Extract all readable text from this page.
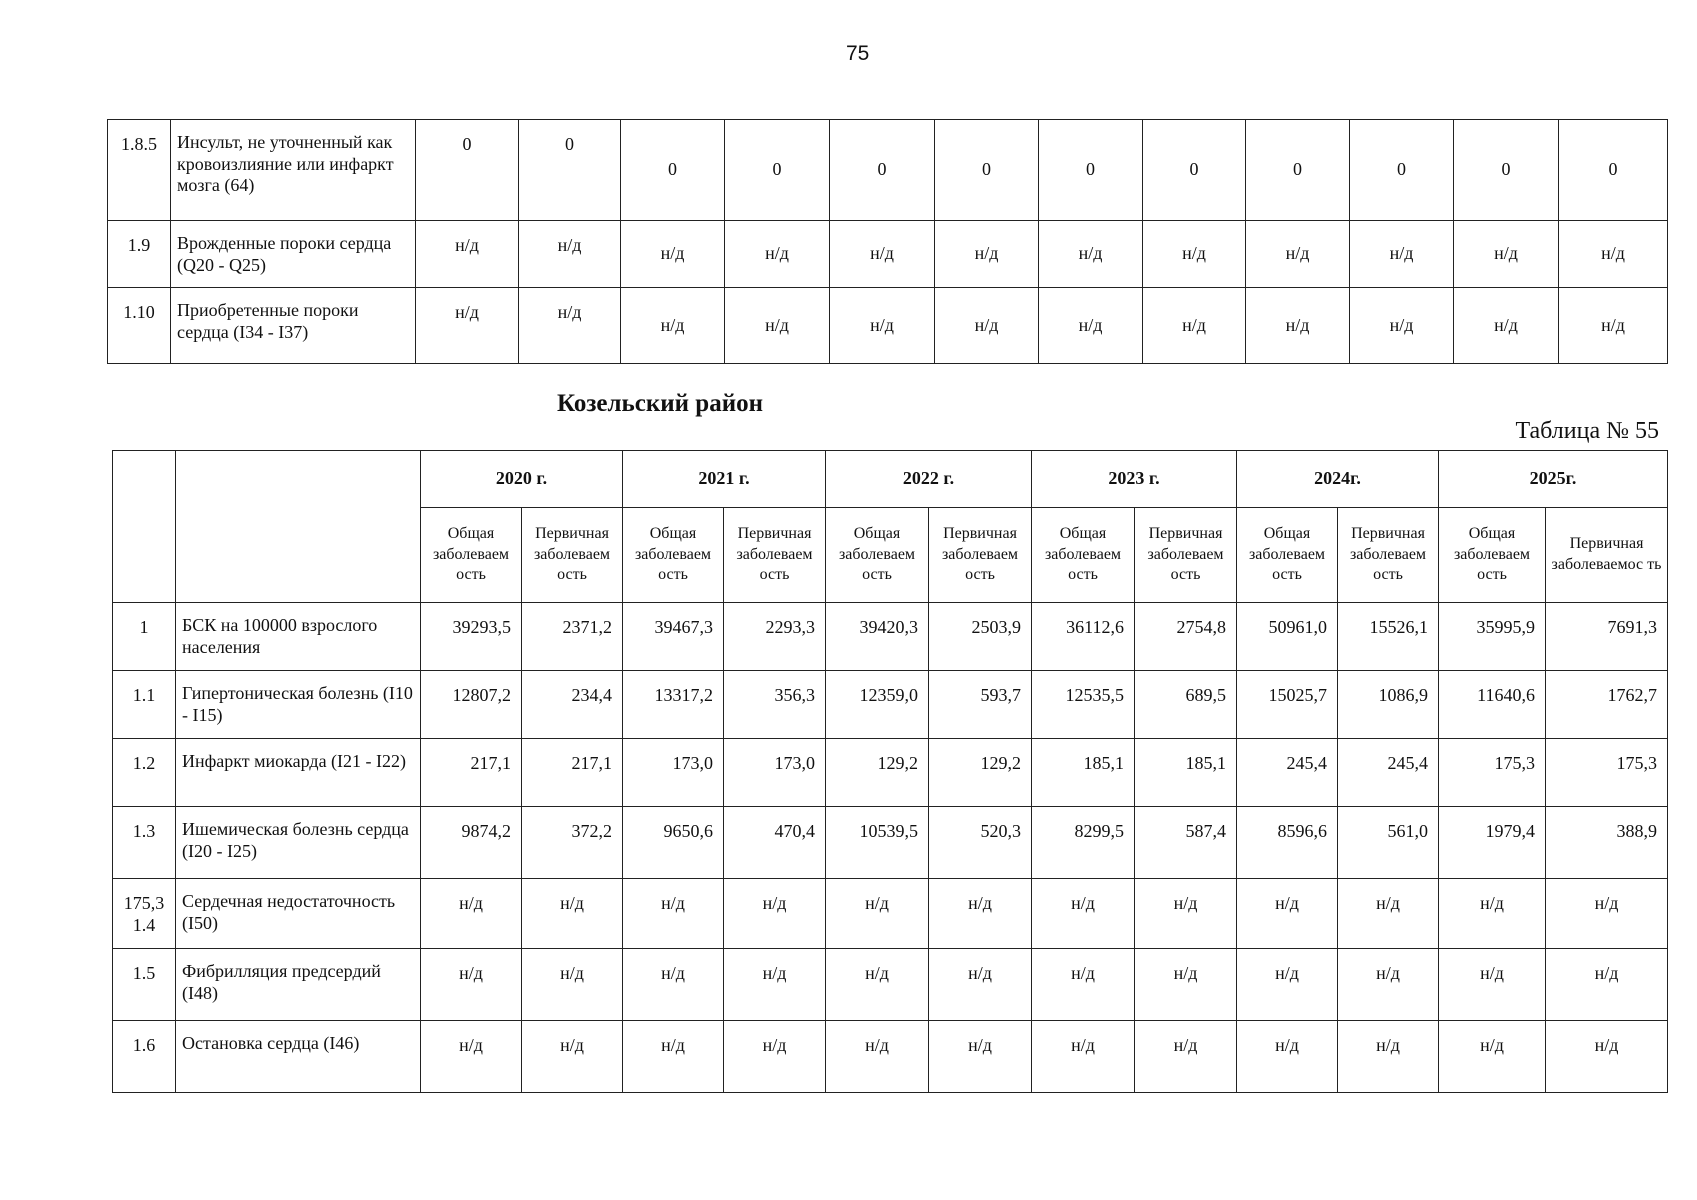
75
1.8.5	Инсульт, не уточненный как кровоизлияние или инфаркт мозга (64)	0	0	0	0	0	0	0	0	0	0	0	0
1.9	Врожденные пороки сердца (Q20 - Q25)	н/д	н/д	н/д	н/д	н/д	н/д	н/д	н/д	н/д	н/д	н/д	н/д
1.10	Приобретенные пороки сердца (I34 - I37)	н/д	н/д	н/д	н/д	н/д	н/д	н/д	н/д	н/д	н/д	н/д	н/д
Козельский район
Таблица № 55
		2020 г.		2021 г.		2022 г.		2023 г.		2024г.		2025г.	
		Общая заболеваем ость	Первичная заболеваем ость	Общая заболеваем ость	Первичная заболеваем ость	Общая заболеваем ость	Первичная заболеваем ость	Общая заболеваем ость	Первичная заболеваем ость	Общая заболеваем ость	Первичная заболеваем ость	Общая заболеваем ость	Первичная заболеваемос ть
1	БСК на 100000 взрослого населения	39293,5	2371,2	39467,3	2293,3	39420,3	2503,9	36112,6	2754,8	50961,0	15526,1	35995,9	7691,3
1.1	Гипертоническая болезнь (I10 - I15)	12807,2	234,4	13317,2	356,3	12359,0	593,7	12535,5	689,5	15025,7	1086,9	11640,6	1762,7
1.2	Инфаркт миокарда (I21 - I22)	217,1	217,1	173,0	173,0	129,2	129,2	185,1	185,1	245,4	245,4	175,3	175,3
1.3	Ишемическая болезнь сердца (I20 - I25)	9874,2	372,2	9650,6	470,4	10539,5	520,3	8299,5	587,4	8596,6	561,0	1979,4	388,9
175,3 1.4	Сердечная недостаточность (I50)	н/д	н/д	н/д	н/д	н/д	н/д	н/д	н/д	н/д	н/д	н/д	н/д
1.5	Фибрилляция предсердий (I48)	н/д	н/д	н/д	н/д	н/д	н/д	н/д	н/д	н/д	н/д	н/д	н/д
1.6	Остановка сердца (I46)	н/д	н/д	н/д	н/д	н/д	н/д	н/д	н/д	н/д	н/д	н/д	н/д
